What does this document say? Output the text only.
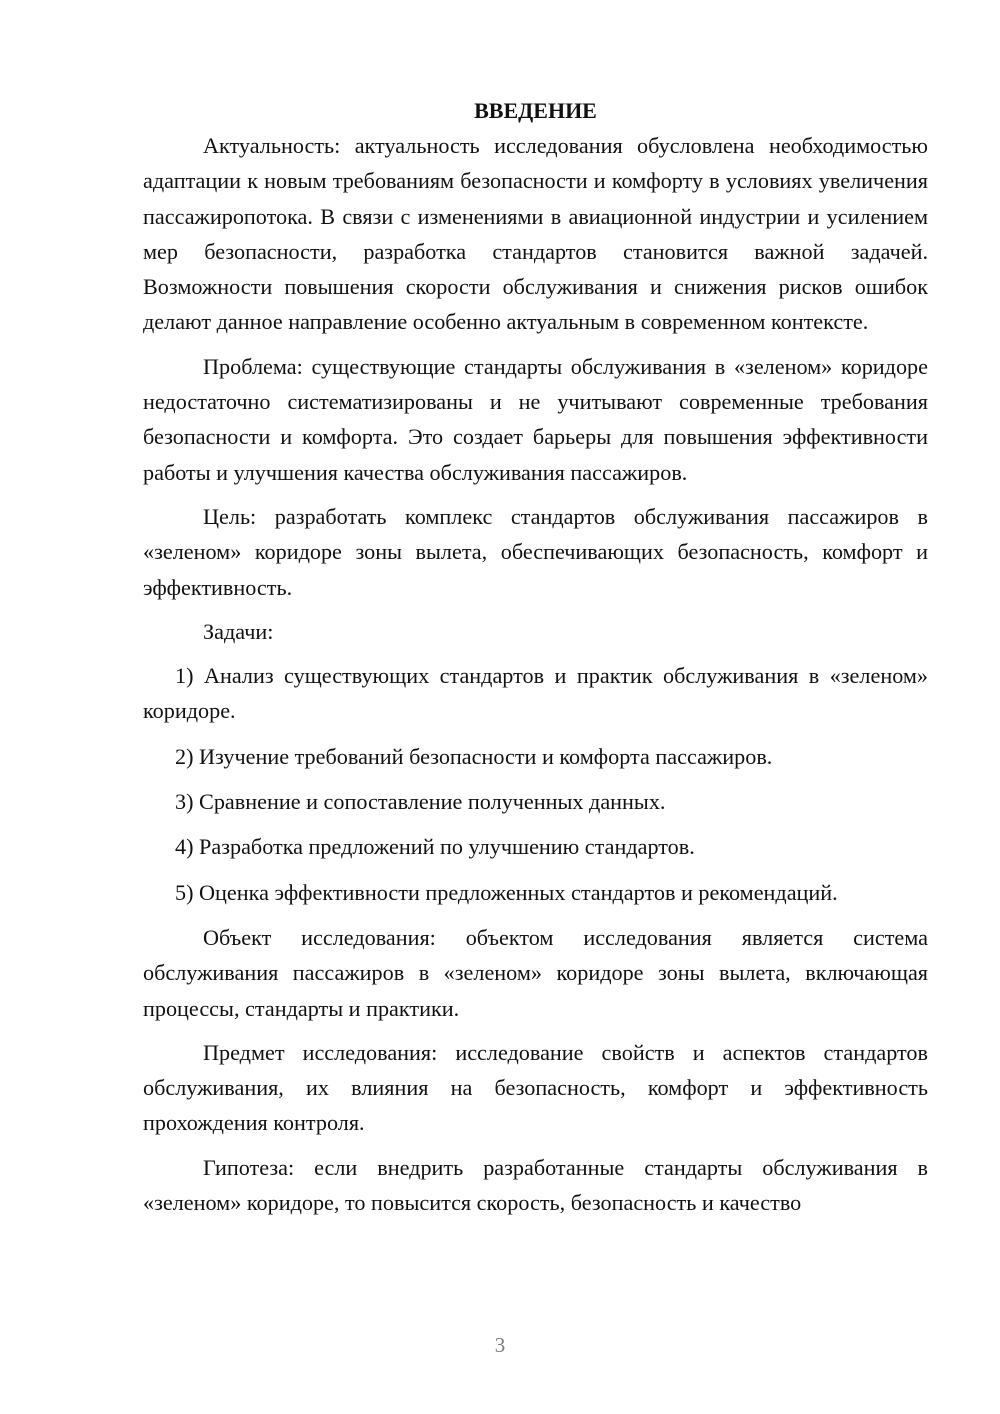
ВВЕДЕНИЕ

Актуальность: актуальность исследования обусловлена необходимостью адаптации к новым требованиям безопасности и комфорту в условиях увеличения пассажиропотока. В связи с изменениями в авиационной индустрии и усилением мер безопасности, разработка стандартов становится важной задачей. Возможности повышения скорости обслуживания и снижения рисков ошибок делают данное направление особенно актуальным в современном контексте.

Проблема: существующие стандарты обслуживания в «зеленом» коридоре недостаточно систематизированы и не учитывают современные требования безопасности и комфорта. Это создает барьеры для повышения эффективности работы и улучшения качества обслуживания пассажиров.

Цель: разработать комплекс стандартов обслуживания пассажиров в «зеленом» коридоре зоны вылета, обеспечивающих безопасность, комфорт и эффективность.

Задачи:

1) Анализ существующих стандартов и практик обслуживания в «зеленом» коридоре.

2) Изучение требований безопасности и комфорта пассажиров.

3) Сравнение и сопоставление полученных данных.

4) Разработка предложений по улучшению стандартов.

5) Оценка эффективности предложенных стандартов и рекомендаций.

Объект исследования: объектом исследования является система обслуживания пассажиров в «зеленом» коридоре зоны вылета, включающая процессы, стандарты и практики.

Предмет исследования: исследование свойств и аспектов стандартов обслуживания, их влияния на безопасность, комфорт и эффективность прохождения контроля.

Гипотеза: если внедрить разработанные стандарты обслуживания в «зеленом» коридоре, то повысится скорость, безопасность и качество

3
